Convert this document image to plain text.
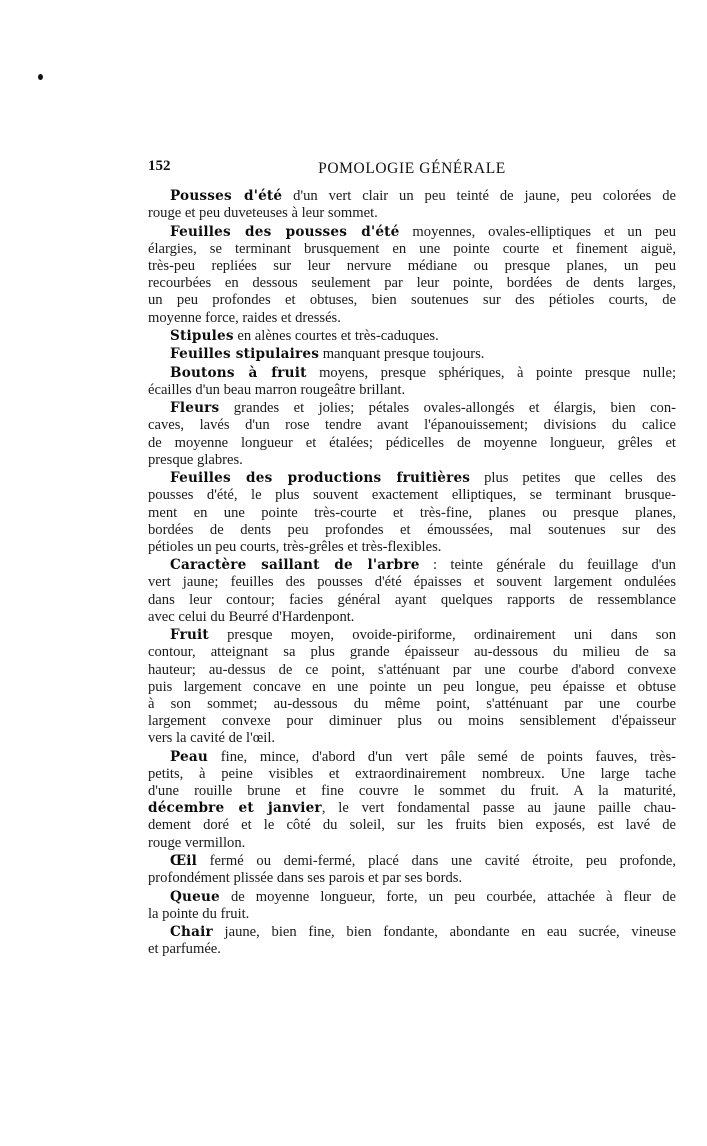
152	POMOLOGIE GÉNÉRALE
Pousses d'été d'un vert clair un peu teinté de jaune, peu colorées de
rouge et peu duveteuses à leur sommet.
Feuilles des pousses d'été moyennes, ovales-elliptiques et un peu
élargies, se terminant brusquement en une pointe courte et finement aiguë,
très-peu repliées sur leur nervure médiane ou presque planes, un peu
recourbées en dessous seulement par leur pointe, bordées de dents larges,
un peu profondes et obtuses, bien soutenues sur des pétioles courts, de
moyenne force, raides et dressés.
Stipules en alènes courtes et très-caduques.
Feuilles stipulaires manquant presque toujours.
Boutons à fruit moyens, presque sphériques, à pointe presque nulle;
écailles d'un beau marron rougeâtre brillant.
Fleurs grandes et jolies; pétales ovales-allongés et élargis, bien con-
caves, lavés d'un rose tendre avant l'épanouissement; divisions du calice
de moyenne longueur et étalées; pédicelles de moyenne longueur, grêles et
presque glabres.
Feuilles des productions fruitières plus petites que celles des
pousses d'été, le plus souvent exactement elliptiques, se terminant brusque-
ment en une pointe très-courte et très-fine, planes ou presque planes,
bordées de dents peu profondes et émoussées, mal soutenues sur des
pétioles un peu courts, très-grêles et très-flexibles.
Caractère saillant de l'arbre : teinte générale du feuillage d'un
vert jaune; feuilles des pousses d'été épaisses et souvent largement ondulées
dans leur contour; facies général ayant quelques rapports de ressemblance
avec celui du Beurré d'Hardenpont.
Fruit presque moyen, ovoide-piriforme, ordinairement uni dans son
contour, atteignant sa plus grande épaisseur au-dessous du milieu de sa
hauteur; au-dessus de ce point, s'atténuant par une courbe d'abord convexe
puis largement concave en une pointe un peu longue, peu épaisse et obtuse
à son sommet; au-dessous du même point, s'atténuant par une courbe
largement convexe pour diminuer plus ou moins sensiblement d'épaisseur
vers la cavité de l'œil.
Peau fine, mince, d'abord d'un vert pâle semé de points fauves, très-
petits, à peine visibles et extraordinairement nombreux. Une large tache
d'une rouille brune et fine couvre le sommet du fruit. A la maturité,
décembre et janvier, le vert fondamental passe au jaune paille chau-
dement doré et le côté du soleil, sur les fruits bien exposés, est lavé de
rouge vermillon.
Œil fermé ou demi-fermé, placé dans une cavité étroite, peu profonde,
profondément plissée dans ses parois et par ses bords.
Queue de moyenne longueur, forte, un peu courbée, attachée à fleur de
la pointe du fruit.
Chair jaune, bien fine, bien fondante, abondante en eau sucrée, vineuse
et parfumée.
